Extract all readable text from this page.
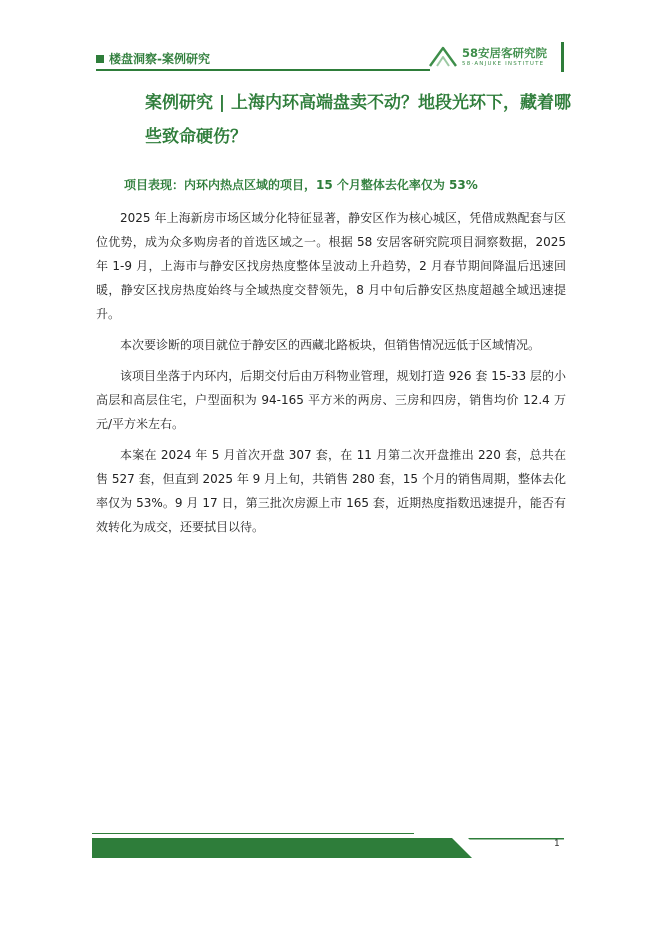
楼盘洞察-案例研究	58安居客研究院
58·ANJUKE INSTITUTE
案例研究 | 上海内环高端盘卖不动？地段光环下，藏着哪些致命硬伤？
项目表现：内环内热点区域的项目，15 个月整体去化率仅为 53%

2025 年上海新房市场区域分化特征显著，静安区作为核心城区，凭借成熟配套与区位优势，成为众多购房者的首选区域之一。根据 58 安居客研究院项目洞察数据，2025 年 1-9 月，上海市与静安区找房热度整体呈波动上升趋势，2 月春节期间降温后迅速回暖，静安区找房热度始终与全域热度交替领先，8 月中旬后静安区热度超越全域迅速提升。

本次要诊断的项目就位于静安区的西藏北路板块，但销售情况远低于区域情况。

该项目坐落于内环内，后期交付后由万科物业管理，规划打造 926 套 15-33 层的小高层和高层住宅，户型面积为 94-165 平方米的两房、三房和四房，销售均价 12.4 万元/平方米左右。

本案在 2024 年 5 月首次开盘 307 套，在 11 月第二次开盘推出 220 套，总共在售 527 套，但直到 2025 年 9 月上旬，共销售 280 套，15 个月的销售周期，整体去化率仅为 53%。9 月 17 日，第三批次房源上市 165 套，近期热度指数迅速提升，能否有效转化为成交，还要拭目以待。

1
